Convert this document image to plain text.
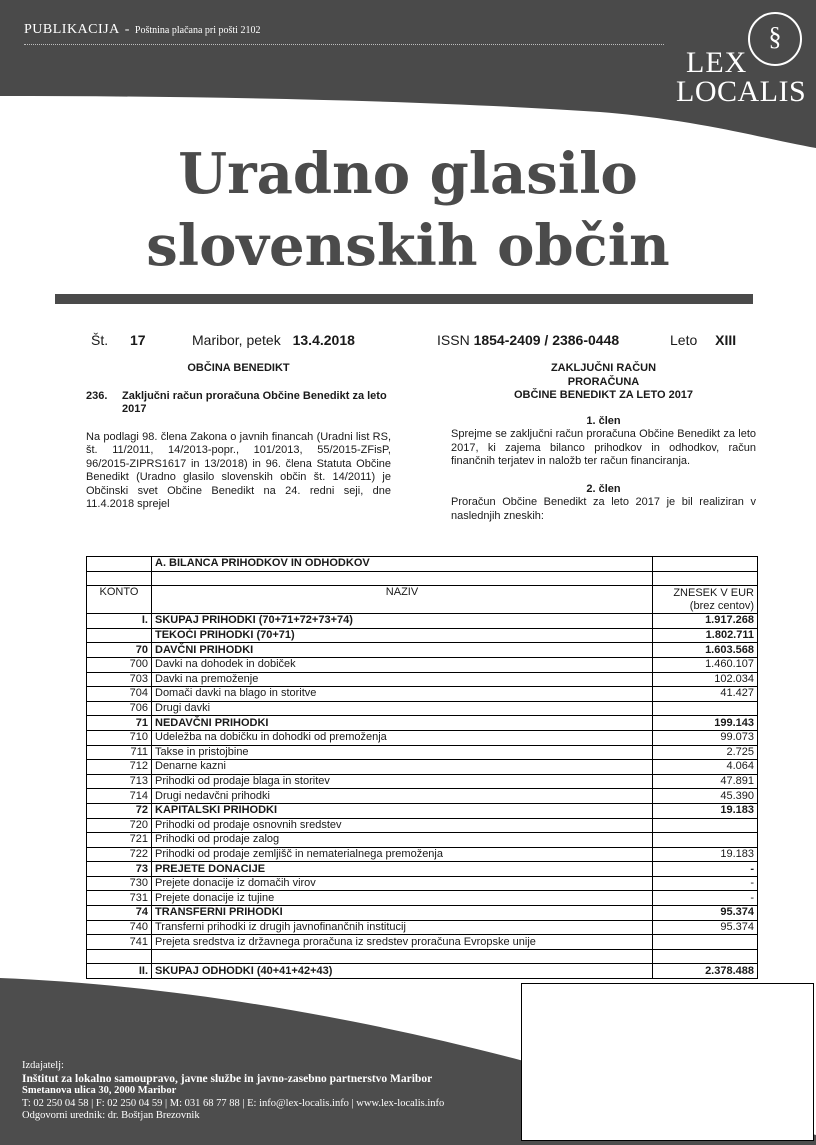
PUBLIKACIJA - Poštnina plačana pri pošti 2102	§
LEX
LOCALIS
Uradno glasilo
slovenskih občin
Št. 17	Maribor, petek 13.4.2018	ISSN 1854-2409 / 2386-0448	Leto XIII
OBČINA BENEDIKT
236.	Zaključni račun proračuna Občine Benedikt za leto 2017
Na podlagi 98. člena Zakona o javnih financah (Uradni list RS, št. 11/2011, 14/2013-popr., 101/2013, 55/2015-ZFisP, 96/2015-ZIPRS1617 in 13/2018) in 96. člena Statuta Občine Benedikt (Uradno glasilo slovenskih občin št. 14/2011) je Občinski svet Občine Benedikt na 24. redni seji, dne 11.4.2018 sprejel
ZAKLJUČNI RAČUN
PRORAČUNA
OBČINE BENEDIKT ZA LETO 2017
1. člen
Sprejme se zaključni račun proračuna Občine Benedikt za leto 2017, ki zajema bilanco prihodkov in odhodkov, račun finančnih terjatev in naložb ter račun financiranja.
2. člen
Proračun Občine Benedikt za leto 2017 je bil realiziran v naslednjih zneskih:
	A. BILANCA PRIHODKOV IN ODHODKOV	

KONTO	NAZIV	ZNESEK V EUR
(brez centov)

I.	SKUPAJ PRIHODKI (70+71+72+73+74)	1.917.268
	TEKOČI PRIHODKI (70+71)	1.802.711
70	DAVČNI PRIHODKI	1.603.568
700	Davki na dohodek in dobiček	1.460.107
703	Davki na premoženje	102.034
704	Domači davki na blago in storitve	41.427
706	Drugi davki	
71	NEDAVČNI PRIHODKI	199.143
710	Udeležba na dobičku in dohodki od premoženja	99.073
711	Takse in pristojbine	2.725
712	Denarne kazni	4.064
713	Prihodki od prodaje blaga in storitev	47.891
714	Drugi nedavčni prihodki	45.390
72	KAPITALSKI PRIHODKI	19.183
720	Prihodki od prodaje osnovnih sredstev	
721	Prihodki od prodaje zalog	
722	Prihodki od prodaje zemljišč in nematerialnega premoženja	19.183
73	PREJETE DONACIJE	-
730	Prejete donacije iz domačih virov	-
731	Prejete donacije iz tujine	-
74	TRANSFERNI PRIHODKI	95.374
740	Transferni prihodki iz drugih javnofinančnih institucij	95.374
741	Prejeta sredstva iz državnega proračuna iz sredstev proračuna Evropske unije	

II.	SKUPAJ ODHODKI (40+41+42+43)	2.378.488
Izdajatelj:
Inštitut za lokalno samoupravo, javne službe in javno-zasebno partnerstvo Maribor
Smetanova ulica 30, 2000 Maribor
T: 02 250 04 58 | F: 02 250 04 59 | M: 031 68 77 88 | E: info@lex-localis.info | www.lex-localis.info
Odgovorni urednik: dr. Boštjan Brezovnik
